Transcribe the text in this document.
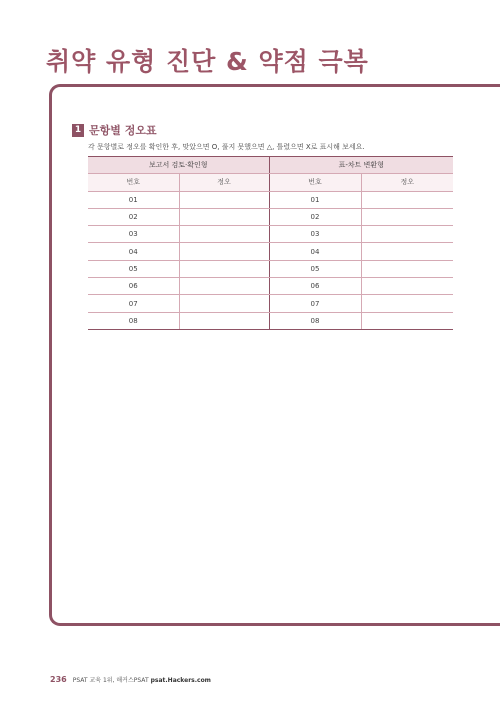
취약 유형 진단 & 약점 극복
1 문항별 정오표
각 문항별로 정오를 확인한 후, 맞았으면 O, 풀지 못했으면 △, 틀렸으면 X로 표시해 보세요.
보고서 검토·확인형		표-차트 변환형	
번호	정오	번호	정오
01		01	
02		02	
03		03	
04		04	
05		05	
06		06	
07		07	
08		08	
236 PSAT 교육 1위, 해커스PSAT psat.Hackers.com
